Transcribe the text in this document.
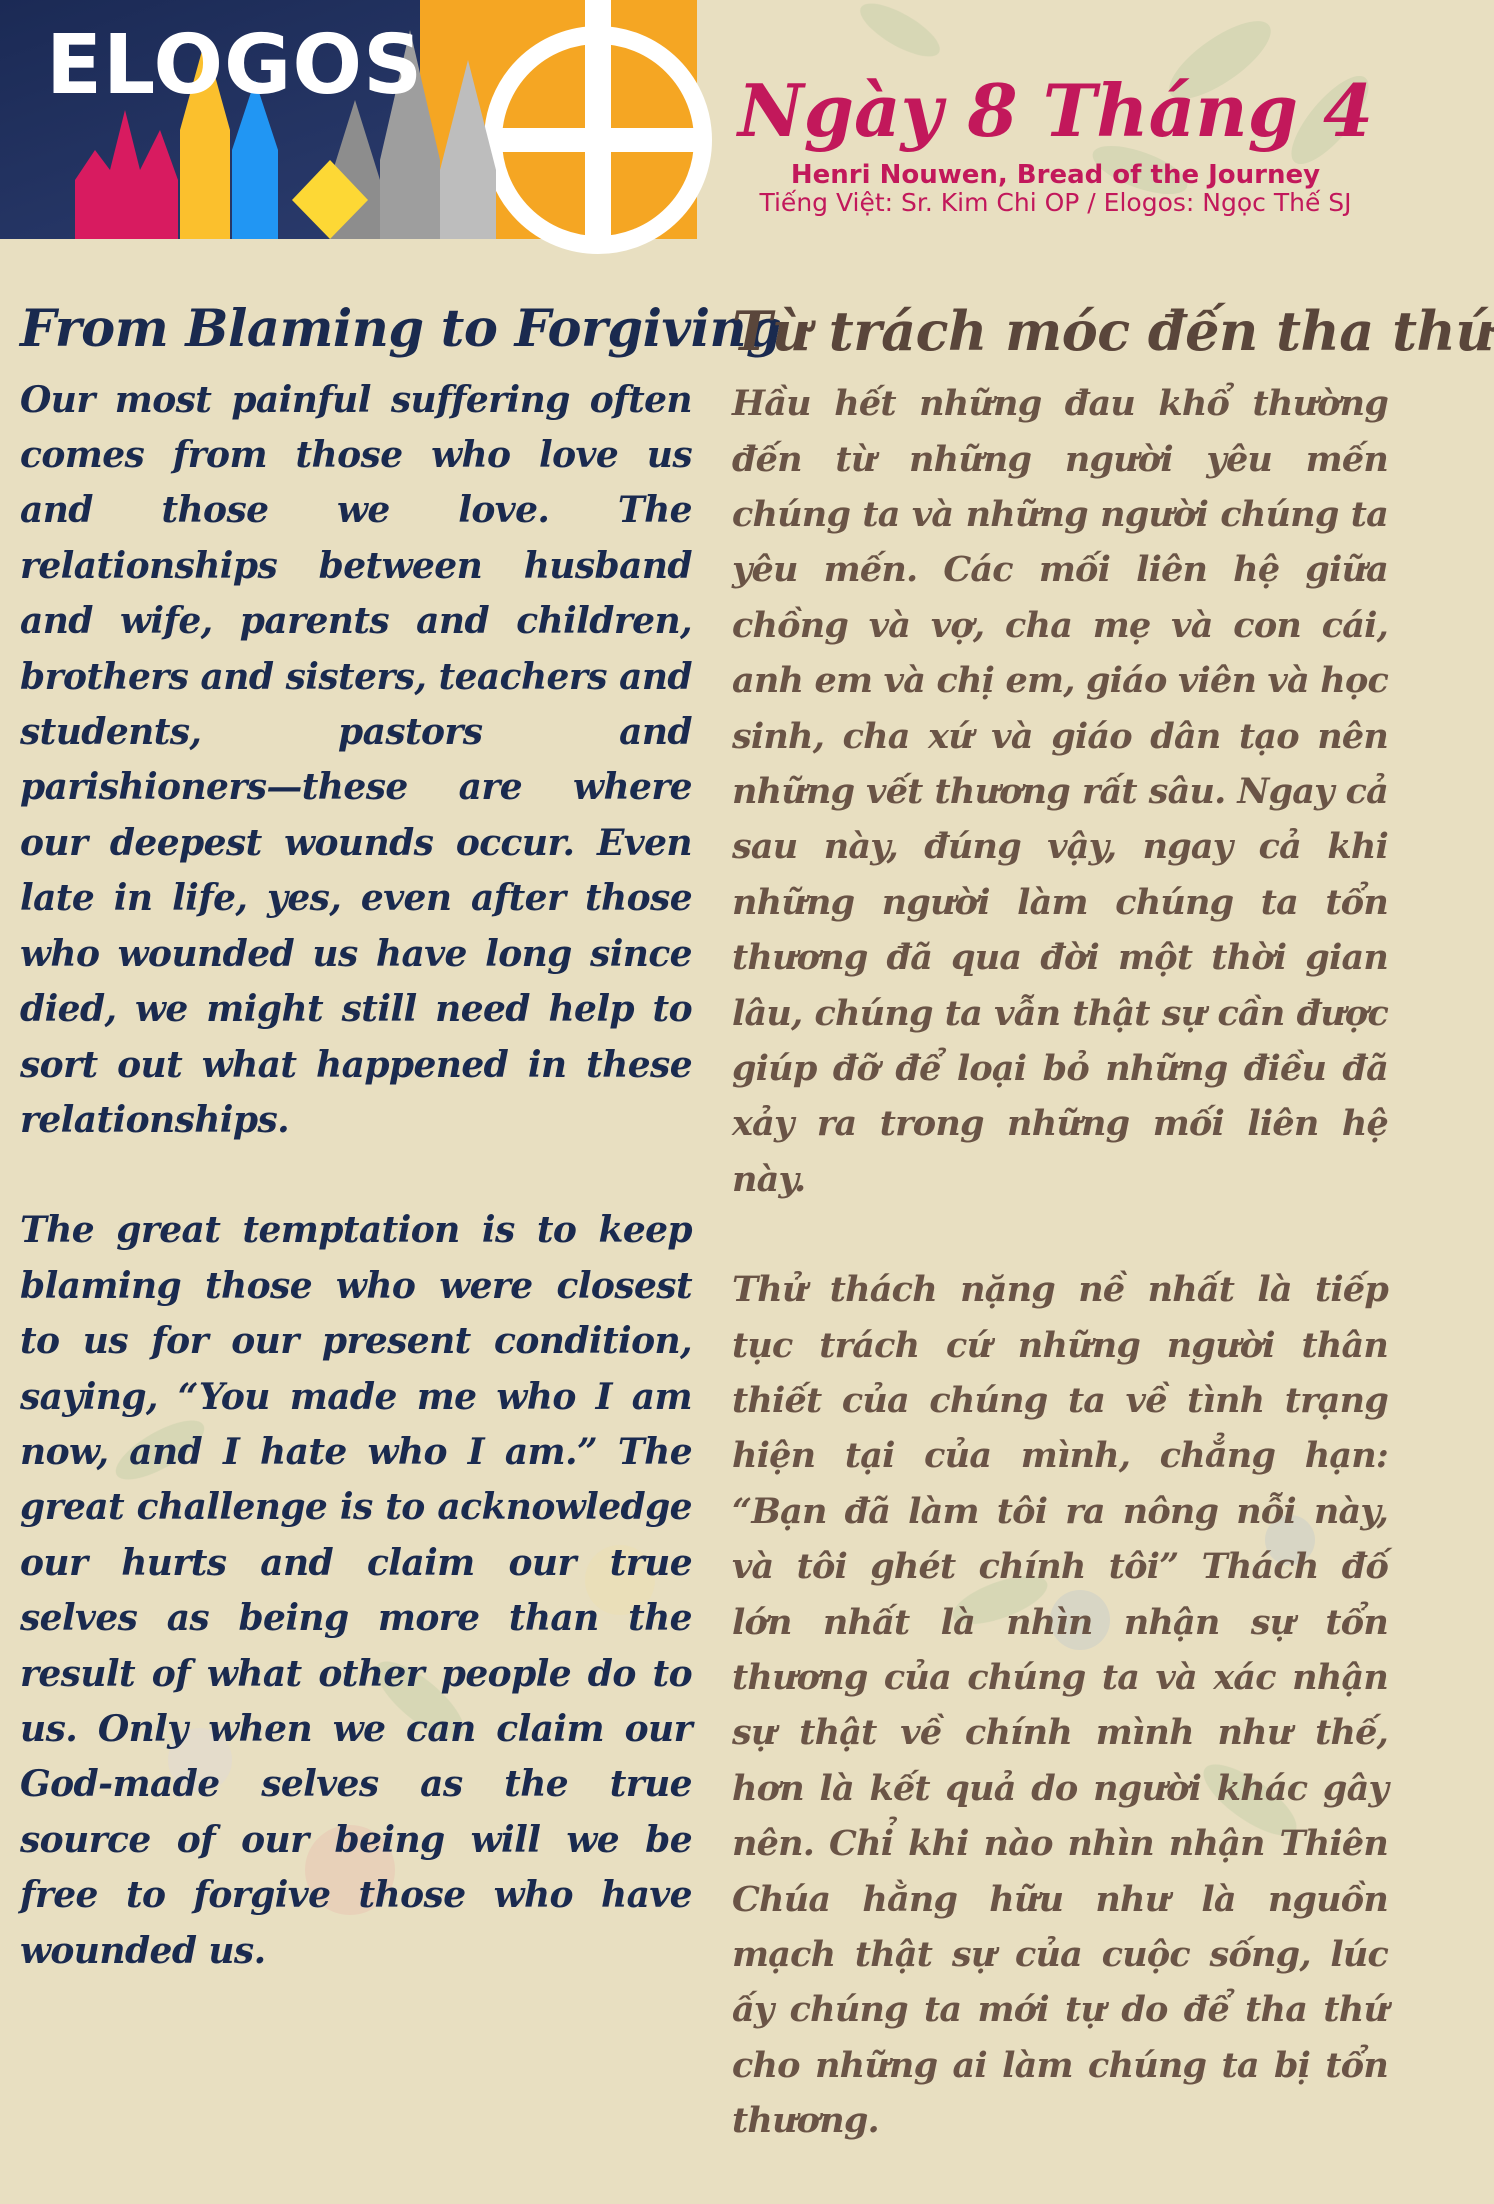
ELOGOS	Ngày 8 Tháng 4
Henri Nouwen, Bread of the Journey
Tiếng Việt: Sr. Kim Chi OP / Elogos: Ngọc Thế SJ
From Blaming to Forgiving

Our most painful suffering often comes from those who love us and those we love. The relationships between husband and wife, parents and children, brothers and sisters, teachers and students, pastors and parishioners—these are where our deepest wounds occur. Even late in life, yes, even after those who wounded us have long since died, we might still need help to sort out what happened in these relationships.

The great temptation is to keep blaming those who were closest to us for our present condition, saying, “You made me who I am now, and I hate who I am.” The great challenge is to acknowledge our hurts and claim our true selves as being more than the result of what other people do to us. Only when we can claim our God-made selves as the true source of our being will we be free to forgive those who have wounded us.

Từ trách móc đến tha thứ

Hầu hết những đau khổ thường đến từ những người yêu mến chúng ta và những người chúng ta yêu mến. Các mối liên hệ giữa chồng và vợ, cha mẹ và con cái, anh em và chị em, giáo viên và học sinh, cha xứ và giáo dân tạo nên những vết thương rất sâu. Ngay cả sau này, đúng vậy, ngay cả khi những người làm chúng ta tổn thương đã qua đời một thời gian lâu, chúng ta vẫn thật sự cần được giúp đỡ để loại bỏ những điều đã xảy ra trong những mối liên hệ này.

Thử thách nặng nề nhất là tiếp tục trách cứ những người thân thiết của chúng ta về tình trạng hiện tại của mình, chẳng hạn: “Bạn đã làm tôi ra nông nỗi này, và tôi ghét chính tôi” Thách đố lớn nhất là nhìn nhận sự tổn thương của chúng ta và xác nhận sự thật về chính mình như thế, hơn là kết quả do người khác gây nên. Chỉ khi nào nhìn nhận Thiên Chúa hằng hữu như là nguồn mạch thật sự của cuộc sống, lúc ấy chúng ta mới tự do để tha thứ cho những ai làm chúng ta bị tổn thương.
